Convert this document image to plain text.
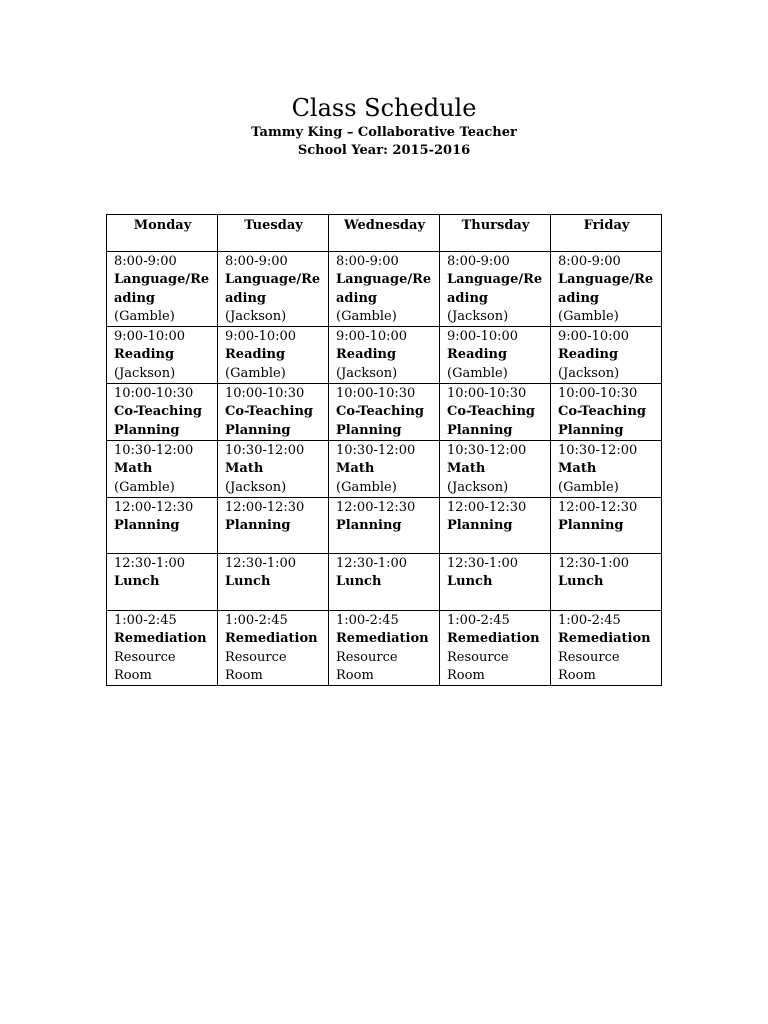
Class Schedule

Tammy King – Collaborative Teacher

School Year: 2015-2016

Monday	Tuesday	Wednesday	Thursday	Friday

8:00-9:00
Language/Reading
(Gamble)	8:00-9:00
Language/Reading
(Jackson)	8:00-9:00
Language/Reading
(Gamble)	8:00-9:00
Language/Reading
(Jackson)	8:00-9:00
Language/Reading
(Gamble)

9:00-10:00
Reading
(Jackson)	9:00-10:00
Reading
(Gamble)	9:00-10:00
Reading
(Jackson)	9:00-10:00
Reading
(Gamble)	9:00-10:00
Reading
(Jackson)

10:00-10:30
Co-Teaching Planning	10:00-10:30
Co-Teaching Planning	10:00-10:30
Co-Teaching Planning	10:00-10:30
Co-Teaching Planning	10:00-10:30
Co-Teaching Planning

10:30-12:00
Math
(Gamble)	10:30-12:00
Math
(Jackson)	10:30-12:00
Math
(Gamble)	10:30-12:00
Math
(Jackson)	10:30-12:00
Math
(Gamble)

12:00-12:30
Planning	12:00-12:30
Planning	12:00-12:30
Planning	12:00-12:30
Planning	12:00-12:30
Planning

12:30-1:00
Lunch	12:30-1:00
Lunch	12:30-1:00
Lunch	12:30-1:00
Lunch	12:30-1:00
Lunch

1:00-2:45
Remediation
Resource Room	1:00-2:45
Remediation
Resource Room	1:00-2:45
Remediation
Resource Room	1:00-2:45
Remediation
Resource Room	1:00-2:45
Remediation
Resource Room
